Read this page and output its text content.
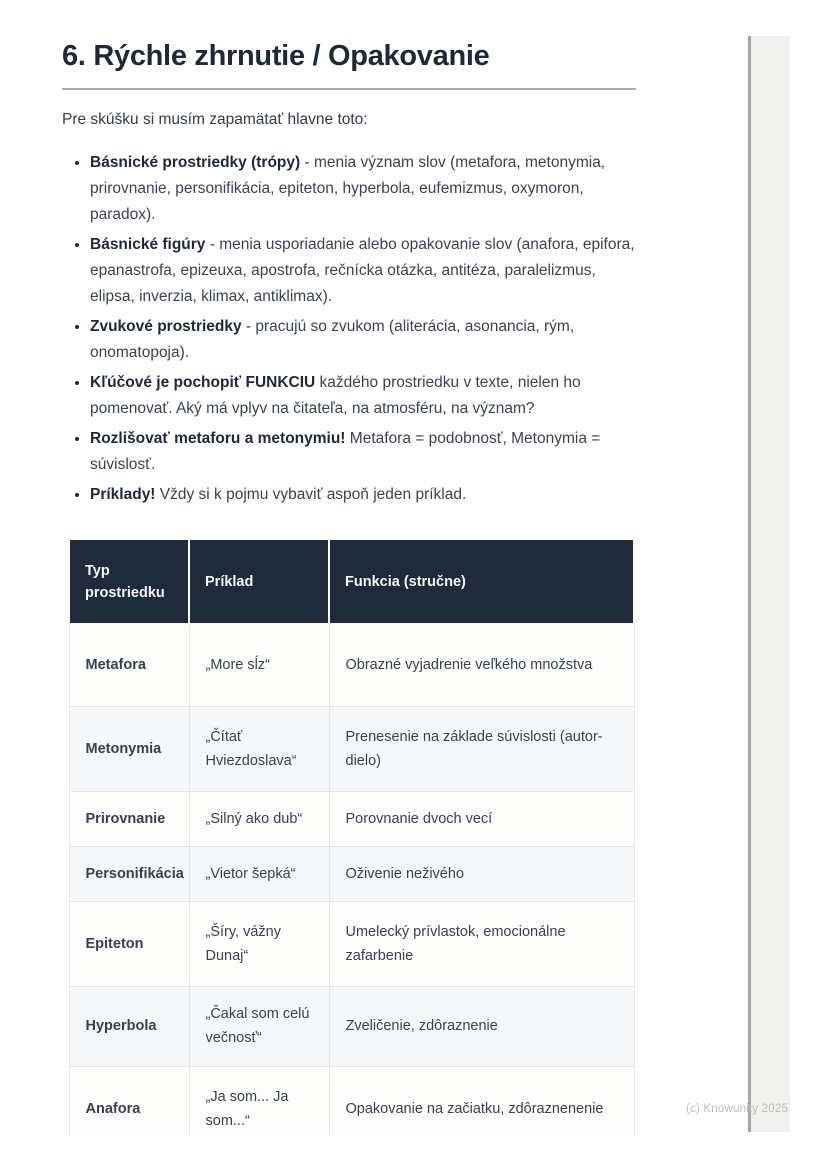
6. Rýchle zhrnutie / Opakovanie

Pre skúšku si musím zapamätať hlavne toto:

• Básnické prostriedky (trópy) - menia význam slov (metafora, metonymia, prirovnanie, personifikácia, epiteton, hyperbola, eufemizmus, oxymoron, paradox).
• Básnické figúry - menia usporiadanie alebo opakovanie slov (anafora, epifora, epanastrofa, epizeuxa, apostrofa, rečnícka otázka, antitéza, paralelizmus, elipsa, inverzia, klimax, antiklimax).
• Zvukové prostriedky - pracujú so zvukom (aliterácia, asonancia, rým, onomatopoja).
• Kľúčové je pochopiť FUNKCIU každého prostriedku v texte, nielen ho pomenovať. Aký má vplyv na čitateľa, na atmosféru, na význam?
• Rozlišovať metaforu a metonymiu! Metafora = podobnosť, Metonymia = súvislosť.
• Príklady! Vždy si k pojmu vybaviť aspoň jeden príklad.
Typ prostriedku	Príklad	Funkcia (stručne)
Metafora	„More sĺz“	Obrazné vyjadrenie veľkého množstva
Metonymia	„Čítať Hviezdoslava“	Prenesenie na základe súvislosti (autor-dielo)
Prirovnanie	„Silný ako dub“	Porovnanie dvoch vecí
Personifikácia	„Vietor šepká“	Oživenie neživého
Epiteton	„Šíry, vážny Dunaj“	Umelecký prívlastok, emocionálne zafarbenie
Hyperbola	„Čakal som celú večnosť“	Zveličenie, zdôraznenie
Anafora	„Ja som... Ja som...“	Opakovanie na začiatku, zdôraznenenie	(c) Knowunity 2025
